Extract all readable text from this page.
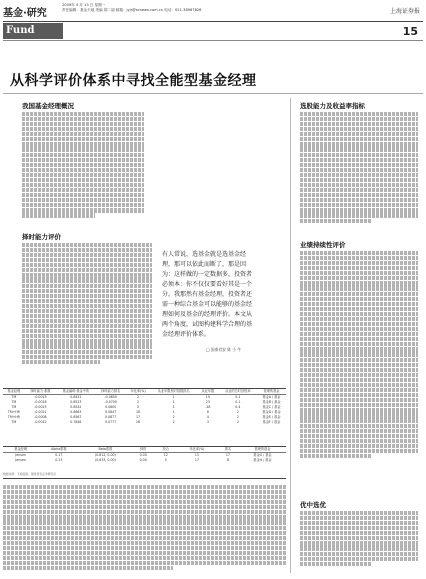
基金·研究
2009年 4 月 13 日 星期一
责任编辑：基金天地 美编 胡二丽 邮箱：jyjr@scnews.com.cn 电话：021-38967826	上海证券报
Fund	15
从科学评价体系中寻找全能型基金经理
我国基金经理概况
择时能力评价
有人常说，选基金就是选基金经理，那可以依此而断了，那是因为：这样做的一定数据多，投资者必须本：你不仅仅要看好其是一个分。我那然有基金经理，投资者还需一种综合基金可以能够的基金经理如何及基金的经理评价。本文从两个角度，试图构建科学合理的基金经理评价体系。
□ 国泰君安 陈 小 牛
选股能力及收益率指标
业绩持续性评价
优中选优
基金经理	择时能力·系数	基金编码·基金中的	择时能力排名	年化率(%)	从业年限相对指数排名	从业年限	从业的总时回报率	管理的基金
TM	-0.0013	0.8421	-0.0650	2	1	15	0.1	基金A / 基金
TM	-0.0018	0.8523	-0.0700	2	1	23	0.1	基金B / 基金
TM	-0.0023	0.8542	0.0800	0	1	-18	0.4	基金C / 基金
TM+HR	-0.0021	0.8663	0.0847	16	1	6	2	基金D / 基金
TM+HR	-0.0008	0.8567	0.0877	17	2	4	2	基金E / 基金
TM	-0.0012	0.7846	0.0777	28	2	3	2	基金F / 基金
基金经理	Alpha系数	Beta系数	择时	综合	年化率(%)	排名	管理的基金
Jensen	0.17	(0.812, 0.00)	0.00	12	13	17	基金G / 基金
Jensen	0.13	(0.833, 0.00)	0.00	5	17	8	基金H / 基金
数据来源：天相投顾、国泰君安证券研究所
